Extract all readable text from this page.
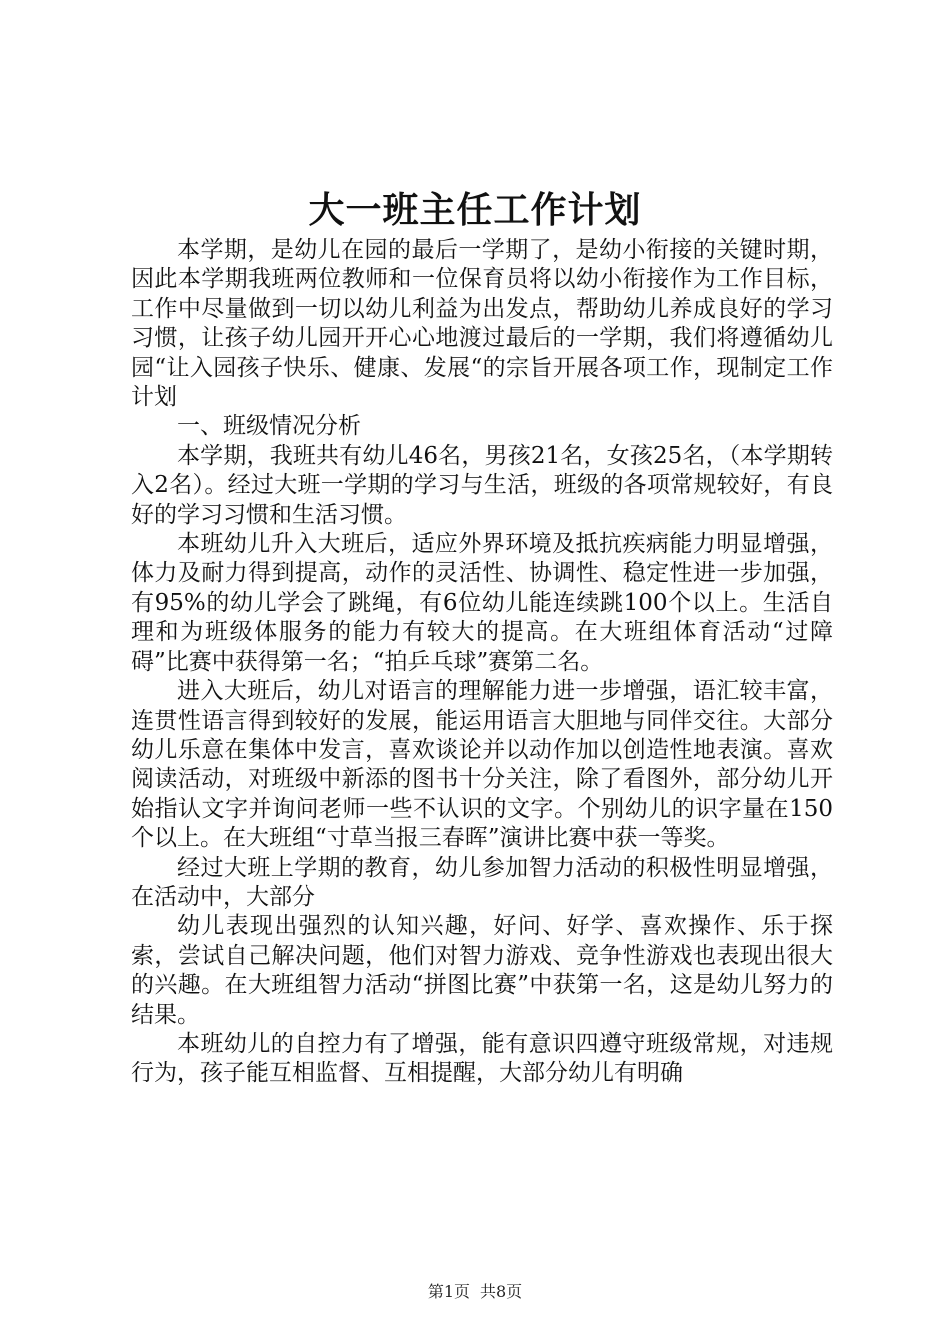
大一班主任工作计划

本学期，是幼儿在园的最后一学期了，是幼小衔接的关键时期，因此本学期我班两位教师和一位保育员将以幼小衔接作为工作目标，工作中尽量做到一切以幼儿利益为出发点，帮助幼儿养成良好的学习习惯，让孩子幼儿园开开心心地渡过最后的一学期，我们将遵循幼儿园“让入园孩子快乐、健康、发展“的宗旨开展各项工作，现制定工作计划

一、班级情况分析

本学期，我班共有幼儿46名，男孩21名，女孩25名，（本学期转入2名）。经过大班一学期的学习与生活，班级的各项常规较好，有良好的学习习惯和生活习惯。

本班幼儿升入大班后，适应外界环境及抵抗疾病能力明显增强，体力及耐力得到提高，动作的灵活性、协调性、稳定性进一步加强，有95%的幼儿学会了跳绳，有6位幼儿能连续跳100个以上。生活自理和为班级体服务的能力有较大的提高。在大班组体育活动“过障碍”比赛中获得第一名；“拍乒乓球”赛第二名。

进入大班后，幼儿对语言的理解能力进一步增强，语汇较丰富，连贯性语言得到较好的发展，能运用语言大胆地与同伴交往。大部分幼儿乐意在集体中发言，喜欢谈论并以动作加以创造性地表演。喜欢阅读活动，对班级中新添的图书十分关注，除了看图外，部分幼儿开始指认文字并询问老师一些不认识的文字。个别幼儿的识字量在150个以上。在大班组“寸草当报三春晖”演讲比赛中获一等奖。

经过大班上学期的教育，幼儿参加智力活动的积极性明显增强，在活动中，大部分

幼儿表现出强烈的认知兴趣，好问、好学、喜欢操作、乐于探索，尝试自己解决问题，他们对智力游戏、竞争性游戏也表现出很大的兴趣。在大班组智力活动“拼图比赛”中获第一名，这是幼儿努力的结果。

本班幼儿的自控力有了增强，能有意识四遵守班级常规，对违规行为，孩子能互相监督、互相提醒，大部分幼儿有明确

第1页 共8页
